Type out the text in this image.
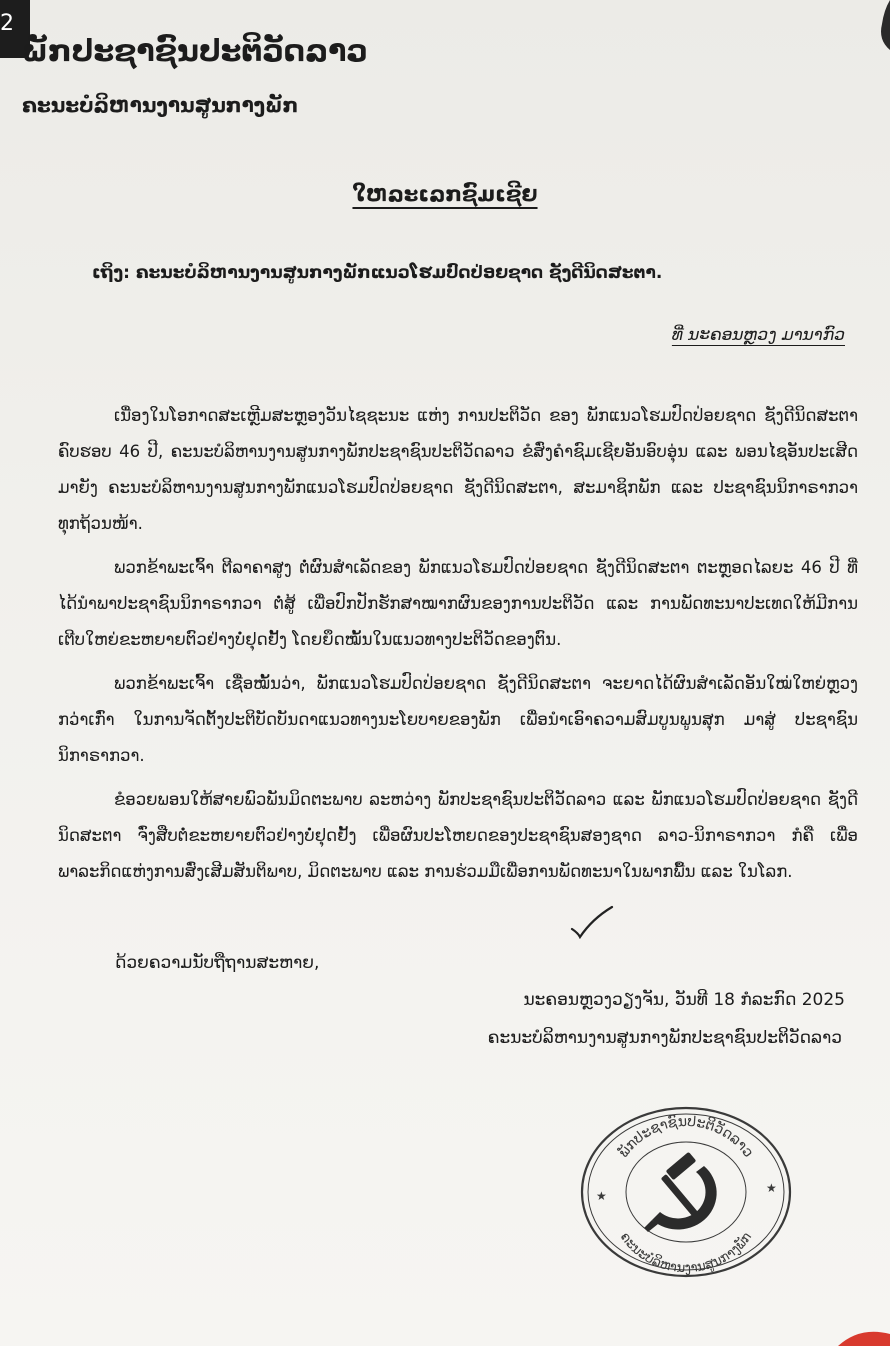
2
ພັກປະຊາຊົນປະຕິວັດລາວ
ຄະນະບໍລິຫານງານສູນກາງພັກ
ໃຫລະເລກຊົມເຊີຍ
ເຖິງ: ຄະນະບໍລິຫານງານສູນກາງພັກແນວໂຮມປົດປ່ອຍຊາດ ຊັງດີນິດສະຕາ.
ທີ່ ນະຄອນຫຼວງ ມານາກົວ

ເນື່ອງໃນໂອກາດສະເຫຼີມສະຫຼອງວັນໄຊຊະນະ ແຫ່ງ ການປະຕິວັດ ຂອງ ພັກແນວໂຮມປົດປ່ອຍຊາດ ຊັງດີນິດສະຕາ ຄົບຮອບ 46 ປີ, ຄະນະບໍລິຫານງານສູນກາງພັກປະຊາຊົນປະຕິວັດລາວ ຂໍສົ່ງຄໍາຊົມເຊີຍອັນອົບອຸ່ນ ແລະ ພອນໄຊອັນປະເສີດມາຍັງ ຄະນະບໍລິຫານງານສູນກາງພັກແນວໂຮມປົດປ່ອຍຊາດ ຊັງດີນິດສະຕາ, ສະມາຊິກພັກ ແລະ ປະຊາຊົນນິກາຣາກວາ ທຸກຖ້ວນໜ້າ.

ພວກຂ້າພະເຈົ້າ ຕີລາຄາສູງ ຕໍ່ຜົນສໍາເລັດຂອງ ພັກແນວໂຮມປົດປ່ອຍຊາດ ຊັງດີນິດສະຕາ ຕະຫຼອດໄລຍະ 46 ປີ ທີ່ໄດ້ນໍາພາປະຊາຊົນນິກາຣາກວາ ຕໍ່ສູ້ ເພື່ອປົກປັກຮັກສາໝາກຜົນຂອງການປະຕິວັດ ແລະ ການພັດທະນາປະເທດໃຫ້ມີການເຕີບໃຫຍ່ຂະຫຍາຍຕົວຢ່າງບໍ່ຢຸດຢັ້ງ ໂດຍຍຶດໝັ້ນໃນແນວທາງປະຕິວັດຂອງຕົນ.

ພວກຂ້າພະເຈົ້າ ເຊື່ອໝັ້ນວ່າ, ພັກແນວໂຮມປົດປ່ອຍຊາດ ຊັງດີນິດສະຕາ ຈະຍາດໄດ້ຜົນສໍາເລັດອັນໃໝ່ໃຫຍ່ຫຼວງກວ່າເກົ່າ ໃນການຈັດຕັ້ງປະຕິບັດບັນດາແນວທາງນະໂຍບາຍຂອງພັກ ເພື່ອນໍາເອົາຄວາມສົມບູນພູນສຸກ ມາສູ່ ປະຊາຊົນນິກາຣາກວາ.

ຂໍອວຍພອນໃຫ້ສາຍພົວພັນມິດຕະພາບ ລະຫວ່າງ ພັກປະຊາຊົນປະຕິວັດລາວ ແລະ ພັກແນວໂຮມປົດປ່ອຍຊາດ ຊັງດີນິດສະຕາ ຈົ່ງສືບຕໍ່ຂະຫຍາຍຕົວຢ່າງບໍ່ຢຸດຢັ້ງ ເພື່ອຜົນປະໂຫຍດຂອງປະຊາຊົນສອງຊາດ ລາວ-ນິກາຣາກວາ ກໍຄື ເພື່ອພາລະກິດແຫ່ງການສົ່ງເສີມສັນຕິພາບ, ມິດຕະພາບ ແລະ ການຮ່ວມມືເພື່ອການພັດທະນາໃນພາກພື້ນ ແລະ ໃນໂລກ.

ດ້ວຍຄວາມນັບຖືຖານສະຫາຍ,
ນະຄອນຫຼວງວຽງຈັນ, ວັນທີ 18 ກໍລະກົດ 2025
ຄະນະບໍລິຫານງານສູນກາງພັກປະຊາຊົນປະຕິວັດລາວ
ພັກປະຊາຊົນປະຕິວັດລາວ
ຄະນະບໍລິຫານງານສູນກາງພັກ
★
★
